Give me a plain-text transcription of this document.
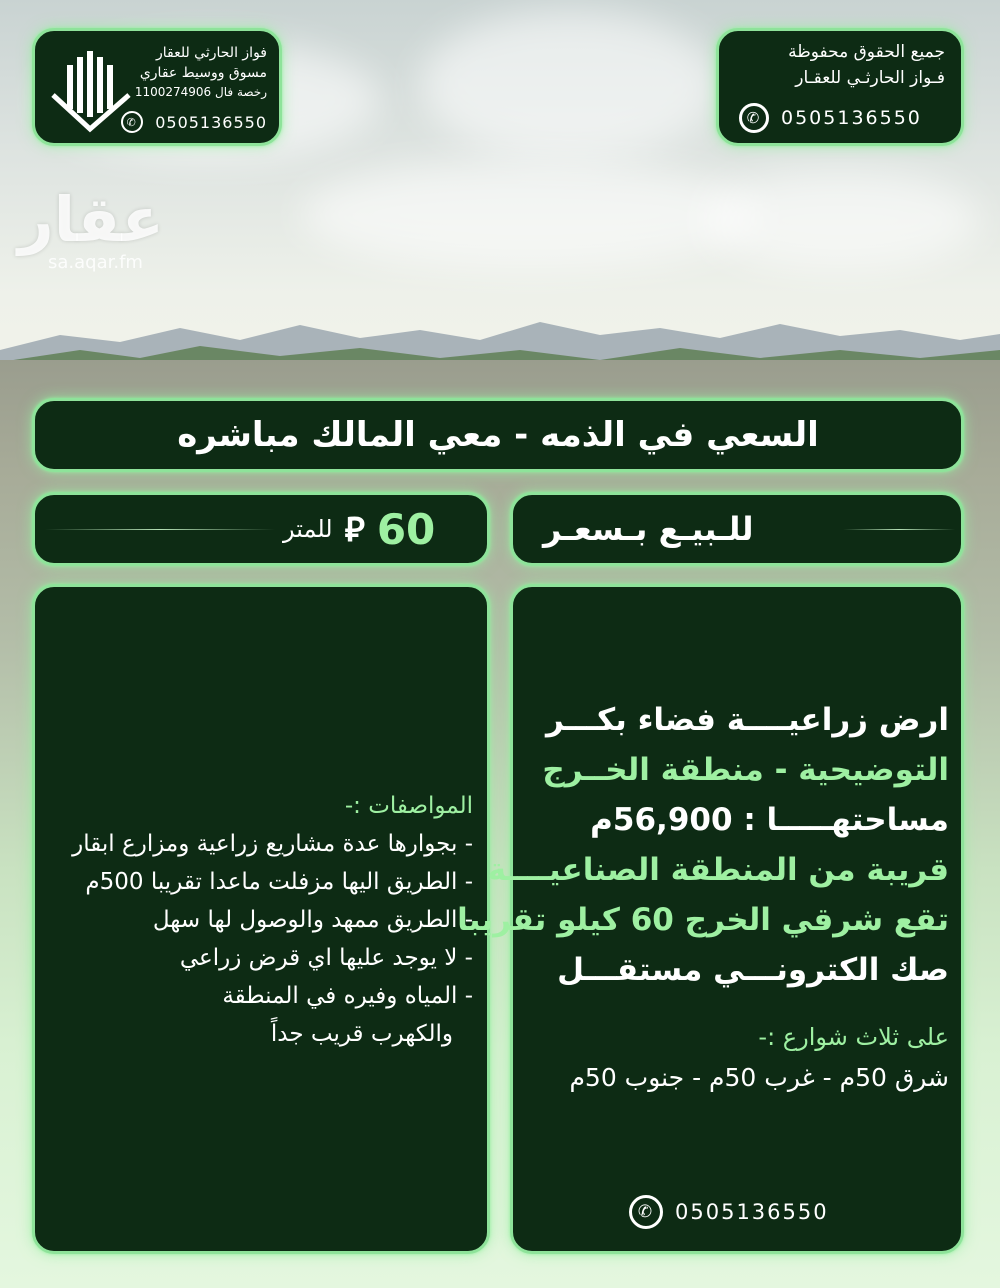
عقار
sa.aqar.fm
فواز الحارثي للعقار
مسوق ووسيط عقاري
رخصة فال 1100274906
✆ 0505136550
جميع الحقوق محفوظة
فـواز الحارثـي للعقـار
✆ 0505136550
السعي في الذمه - معي المالك مباشره
60
⃁
للمتر	للـبيـع بـسعـر
المواصفات :-
- بجوارها عدة مشاريع زراعية ومزارع ابقار
- الطريق اليها مزفلت ماعدا تقريبا 500م
- الطريق ممهد والوصول لها سهل
- لا يوجد عليها اي قرض زراعي
- المياه وفيره في المنطقة
والكهرب قريب جداً
ارض زراعيــــة فضاء بكـــر
التوضيحية - منطقة الخــرج
مساحتهـــــا : 56,900م
قريبة من المنطقة الصناعيــــة
تقع شرقي الخرج 60 كيلو تقريبا
صك الكترونـــي مستقـــل
على ثلاث شوارع :-
شرق 50م - غرب 50م - جنوب 50م
✆ 0505136550
